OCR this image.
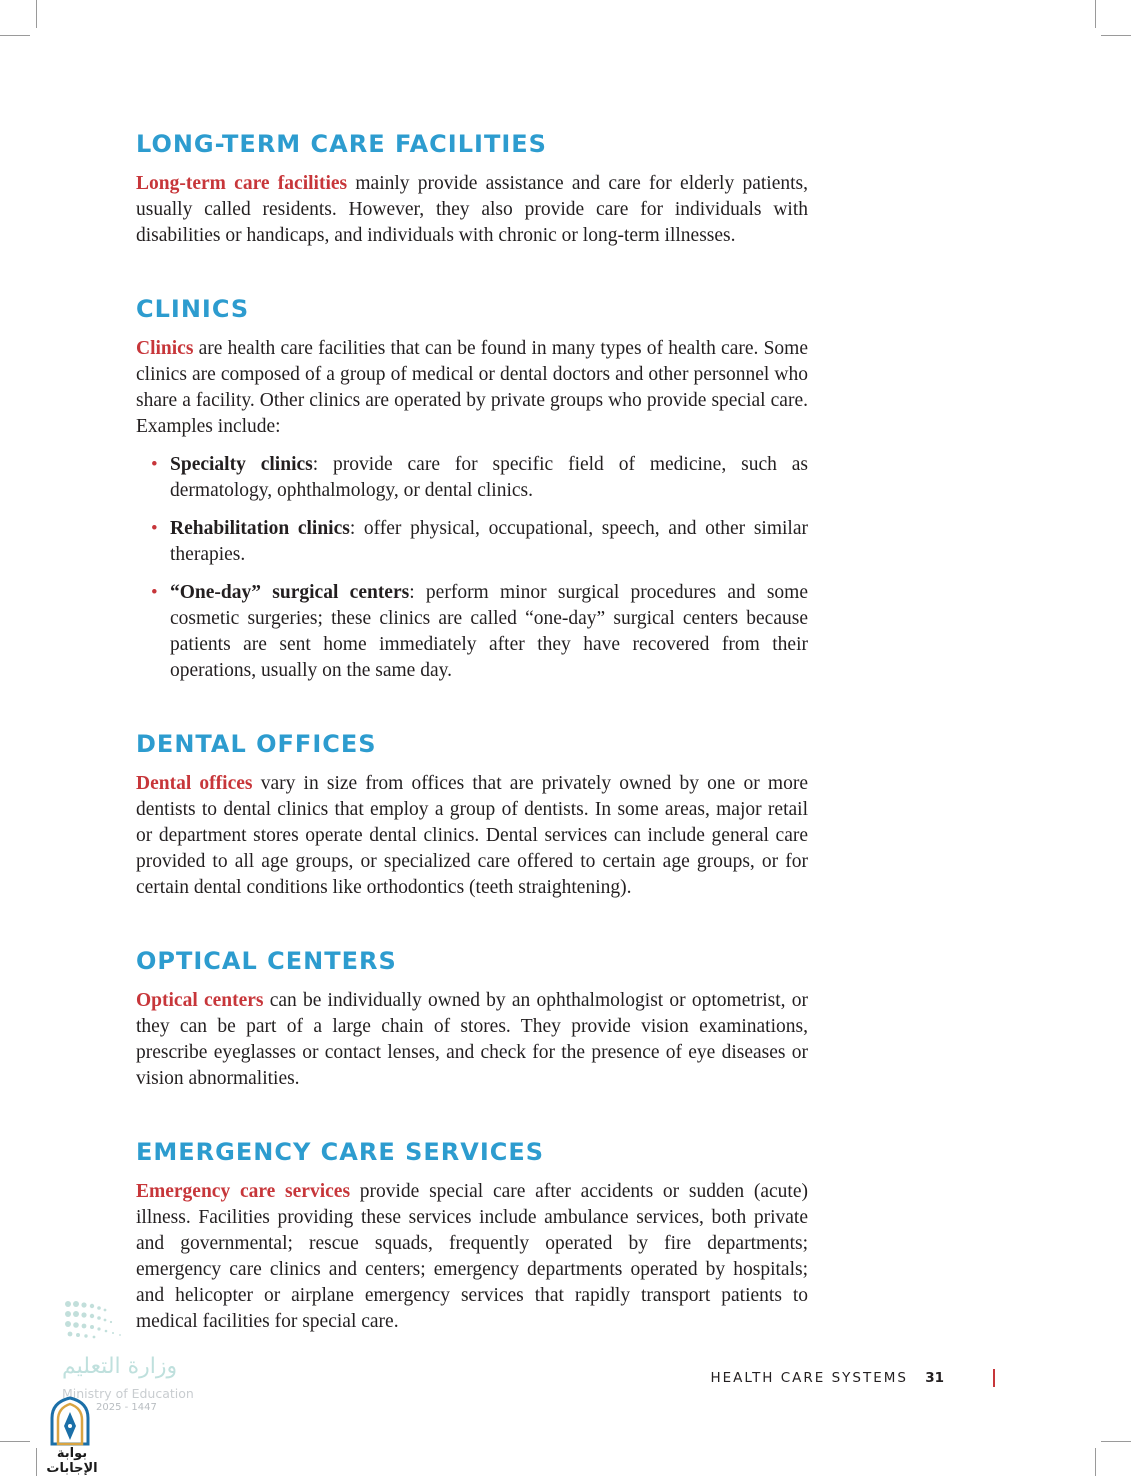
LONG-TERM CARE FACILITIES

Long-term care facilities mainly provide assistance and care for elderly patients, usually called residents. However, they also provide care for individuals with disabilities or handicaps, and individuals with chronic or long-term illnesses.

CLINICS

Clinics are health care facilities that can be found in many types of health care. Some clinics are composed of a group of medical or dental doctors and other personnel who share a facility. Other clinics are operated by private groups who provide special care. Examples include:

• Specialty clinics: provide care for specific field of medicine, such as dermatology, ophthalmology, or dental clinics.
• Rehabilitation clinics: offer physical, occupational, speech, and other similar therapies.
• “One-day” surgical centers: perform minor surgical procedures and some cosmetic surgeries; these clinics are called “one-day” surgical centers because patients are sent home immediately after they have recovered from their operations, usually on the same day.
DENTAL OFFICES

Dental offices vary in size from offices that are privately owned by one or more dentists to dental clinics that employ a group of dentists. In some areas, major retail or department stores operate dental clinics. Dental services can include general care provided to all age groups, or specialized care offered to certain age groups, or for certain dental conditions like orthodontics (teeth straightening).

OPTICAL CENTERS

Optical centers can be individually owned by an ophthalmologist or optometrist, or they can be part of a large chain of stores. They provide vision examinations, prescribe eyeglasses or contact lenses, and check for the presence of eye diseases or vision abnormalities.

EMERGENCY CARE SERVICES

Emergency care services provide special care after accidents or sudden (acute) illness. Facilities providing these services include ambulance services, both private and governmental; rescue squads, frequently operated by fire departments; emergency care clinics and centers; emergency departments operated by hospitals; and helicopter or airplane emergency services that rapidly transport patients to medical facilities for special care.

وزارة التعليم
Ministry of Education
2025 - 1447
بوابة الإجابات
HEALTH CARE SYSTEMS 31
